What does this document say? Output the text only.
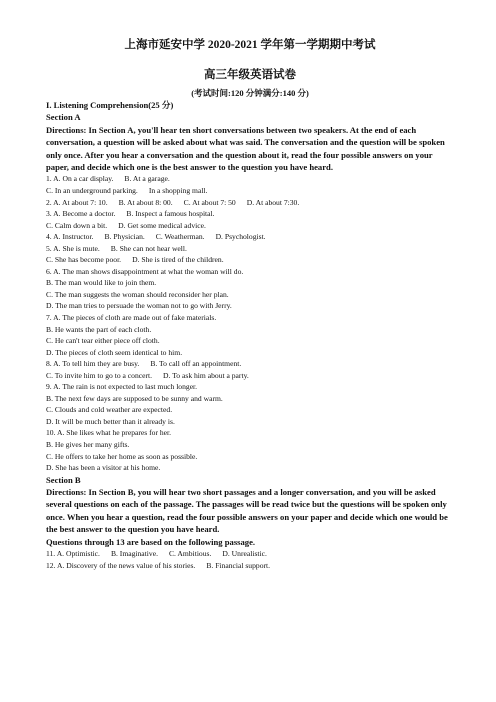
上海市延安中学 2020-2021 学年第一学期期中考试
高三年级英语试卷
(考试时间:120 分钟满分:140 分)
I. Listening Comprehension(25 分)
Section A
Directions: In Section A, you'll hear ten short conversations between two speakers. At the end of each conversation, a question will be asked about what was said. The conversation and the question will be spoken only once. After you hear a conversation and the question about it, read the four possible answers on your paper, and decide which one is the best answer to the question you have heard.
1. A. On a car display. B. At a garage.
C. In an underground parking. In a shopping mall.
2. A. At about 7: 10. B. At about 8: 00. C. At about 7: 50 D. At about 7:30.
3. A. Become a doctor. B. Inspect a famous hospital.
C. Calm down a bit. D. Get some medical advice.
4. A. Instructor. B. Physician. C. Weatherman. D. Psychologist.
5. A. She is mute. B. She can not hear well.
C. She has become poor. D. She is tired of the children.
6. A. The man shows disappointment at what the woman will do.
B. The man would like to join them.
C. The man suggests the woman should reconsider her plan.
D. The man tries to persuade the woman not to go with Jerry.
7. A. The pieces of cloth are made out of fake materials.
B. He wants the part of each cloth.
C. He can't tear either piece off cloth.
D. The pieces of cloth seem identical to him.
8. A. To tell him they are busy. B. To call off an appointment.
C. To invite him to go to a concert. D. To ask him about a party.
9. A. The rain is not expected to last much longer.
B. The next few days are supposed to be sunny and warm.
C. Clouds and cold weather are expected.
D. It will be much better than it already is.
10. A. She likes what he prepares for her.
B. He gives her many gifts.
C. He offers to take her home as soon as possible.
D. She has been a visitor at his home.
Section B
Directions: In Section B, you will hear two short passages and a longer conversation, and you will be asked several questions on each of the passage. The passages will be read twice but the questions will be spoken only once. When you hear a question, read the four possible answers on your paper and decide which one would be the best answer to the question you have heard.
Questions through 13 are based on the following passage.
11. A. Optimistic. B. Imaginative. C. Ambitious. D. Unrealistic.
12. A. Discovery of the news value of his stories. B. Financial support.
